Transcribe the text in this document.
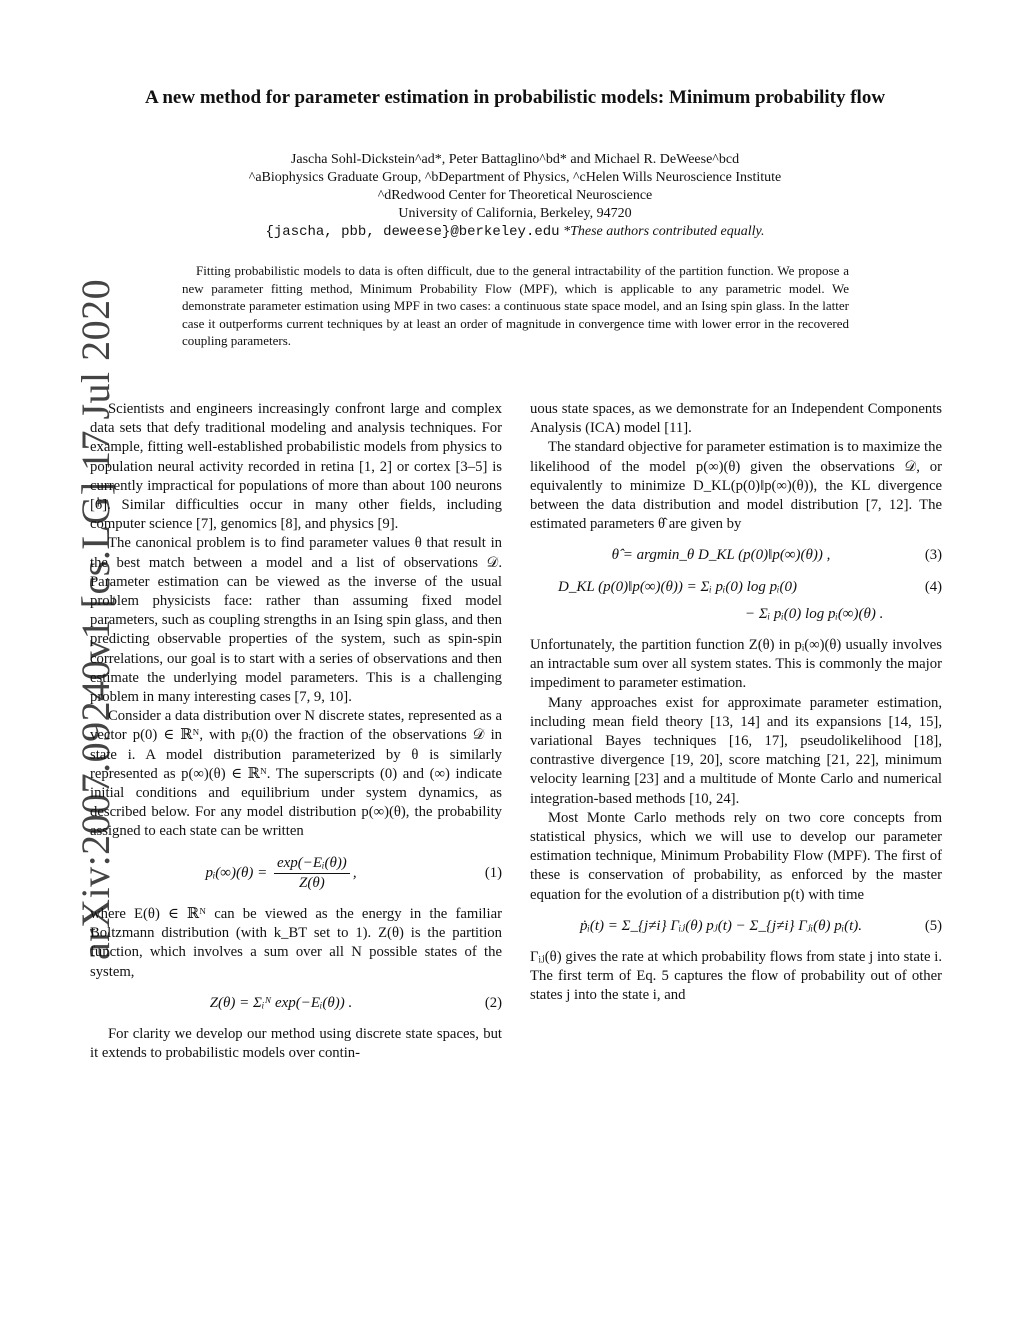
arXiv:2007.09240v1 [cs.LG] 17 Jul 2020
A new method for parameter estimation in probabilistic models: Minimum probability flow
Jascha Sohl-Dickstein^ad*, Peter Battaglino^bd* and Michael R. DeWeese^bcd
^aBiophysics Graduate Group, ^bDepartment of Physics, ^cHelen Wills Neuroscience Institute
^dRedwood Center for Theoretical Neuroscience
University of California, Berkeley, 94720
{jascha, pbb, deweese}@berkeley.edu *These authors contributed equally.
Fitting probabilistic models to data is often difficult, due to the general intractability of the partition function. We propose a new parameter fitting method, Minimum Probability Flow (MPF), which is applicable to any parametric model. We demonstrate parameter estimation using MPF in two cases: a continuous state space model, and an Ising spin glass. In the latter case it outperforms current techniques by at least an order of magnitude in convergence time with lower error in the recovered coupling parameters.

Scientists and engineers increasingly confront large and complex data sets that defy traditional modeling and analysis techniques. For example, fitting well-established probabilistic models from physics to population neural activity recorded in retina [1, 2] or cortex [3–5] is currently impractical for populations of more than about 100 neurons [6]. Similar difficulties occur in many other fields, including computer science [7], genomics [8], and physics [9].

The canonical problem is to find parameter values θ that result in the best match between a model and a list of observations 𝒟. Parameter estimation can be viewed as the inverse of the usual problem physicists face: rather than assuming fixed model parameters, such as coupling strengths in an Ising spin glass, and then predicting observable properties of the system, such as spin-spin correlations, our goal is to start with a series of observations and then estimate the underlying model parameters. This is a challenging problem in many interesting cases [7, 9, 10].

Consider a data distribution over N discrete states, represented as a vector p(0) ∈ ℝᴺ, with pᵢ(0) the fraction of the observations 𝒟 in state i. A model distribution parameterized by θ is similarly represented as p(∞)(θ) ∈ ℝᴺ. The superscripts (0) and (∞) indicate initial conditions and equilibrium under system dynamics, as described below. For any model distribution p(∞)(θ), the probability assigned to each state can be written

pᵢ(∞)(θ) = $\frac{\text{exp(−Eᵢ(θ))}}{Z(\theta)}$ ,	(1)

where E(θ) ∈ ℝᴺ can be viewed as the energy in the familiar Boltzmann distribution (with k_BT set to 1). Z(θ) is the partition function, which involves a sum over all N possible states of the system,

Z(θ) = Σᵢᴺ exp(−Eᵢ(θ)) .	(2)

For clarity we develop our method using discrete state spaces, but it extends to probabilistic models over contin-

uous state spaces, as we demonstrate for an Independent Components Analysis (ICA) model [11].

The standard objective for parameter estimation is to maximize the likelihood of the model p(∞)(θ) given the observations 𝒟, or equivalently to minimize D_KL(p(0)‖p(∞)(θ)), the KL divergence between the data distribution and model distribution [7, 12]. The estimated parameters θ̂ are given by

θ̂ = argmin_θ D_KL (p(0)‖p(∞)(θ)) ,	(3)
D_KL (p(0)‖p(∞)(θ)) = Σᵢ pᵢ(0) log pᵢ(0)
− Σᵢ pᵢ(0) log pᵢ(∞)(θ) .
(4)

Unfortunately, the partition function Z(θ) in pᵢ(∞)(θ) usually involves an intractable sum over all system states. This is commonly the major impediment to parameter estimation.

Many approaches exist for approximate parameter estimation, including mean field theory [13, 14] and its expansions [14, 15], variational Bayes techniques [16, 17], pseudolikelihood [18], contrastive divergence [19, 20], score matching [21, 22], minimum velocity learning [23] and a multitude of Monte Carlo and numerical integration-based methods [10, 24].

Most Monte Carlo methods rely on two core concepts from statistical physics, which we will use to develop our parameter estimation technique, Minimum Probability Flow (MPF). The first of these is conservation of probability, as enforced by the master equation for the evolution of a distribution p(t) with time

ṗᵢ(t) = Σ_{j≠i} Γᵢⱼ(θ) pⱼ(t) − Σ_{j≠i} Γⱼᵢ(θ) pᵢ(t).	(5)

Γᵢⱼ(θ) gives the rate at which probability flows from state j into state i. The first term of Eq. 5 captures the flow of probability out of other states j into the state i, and
